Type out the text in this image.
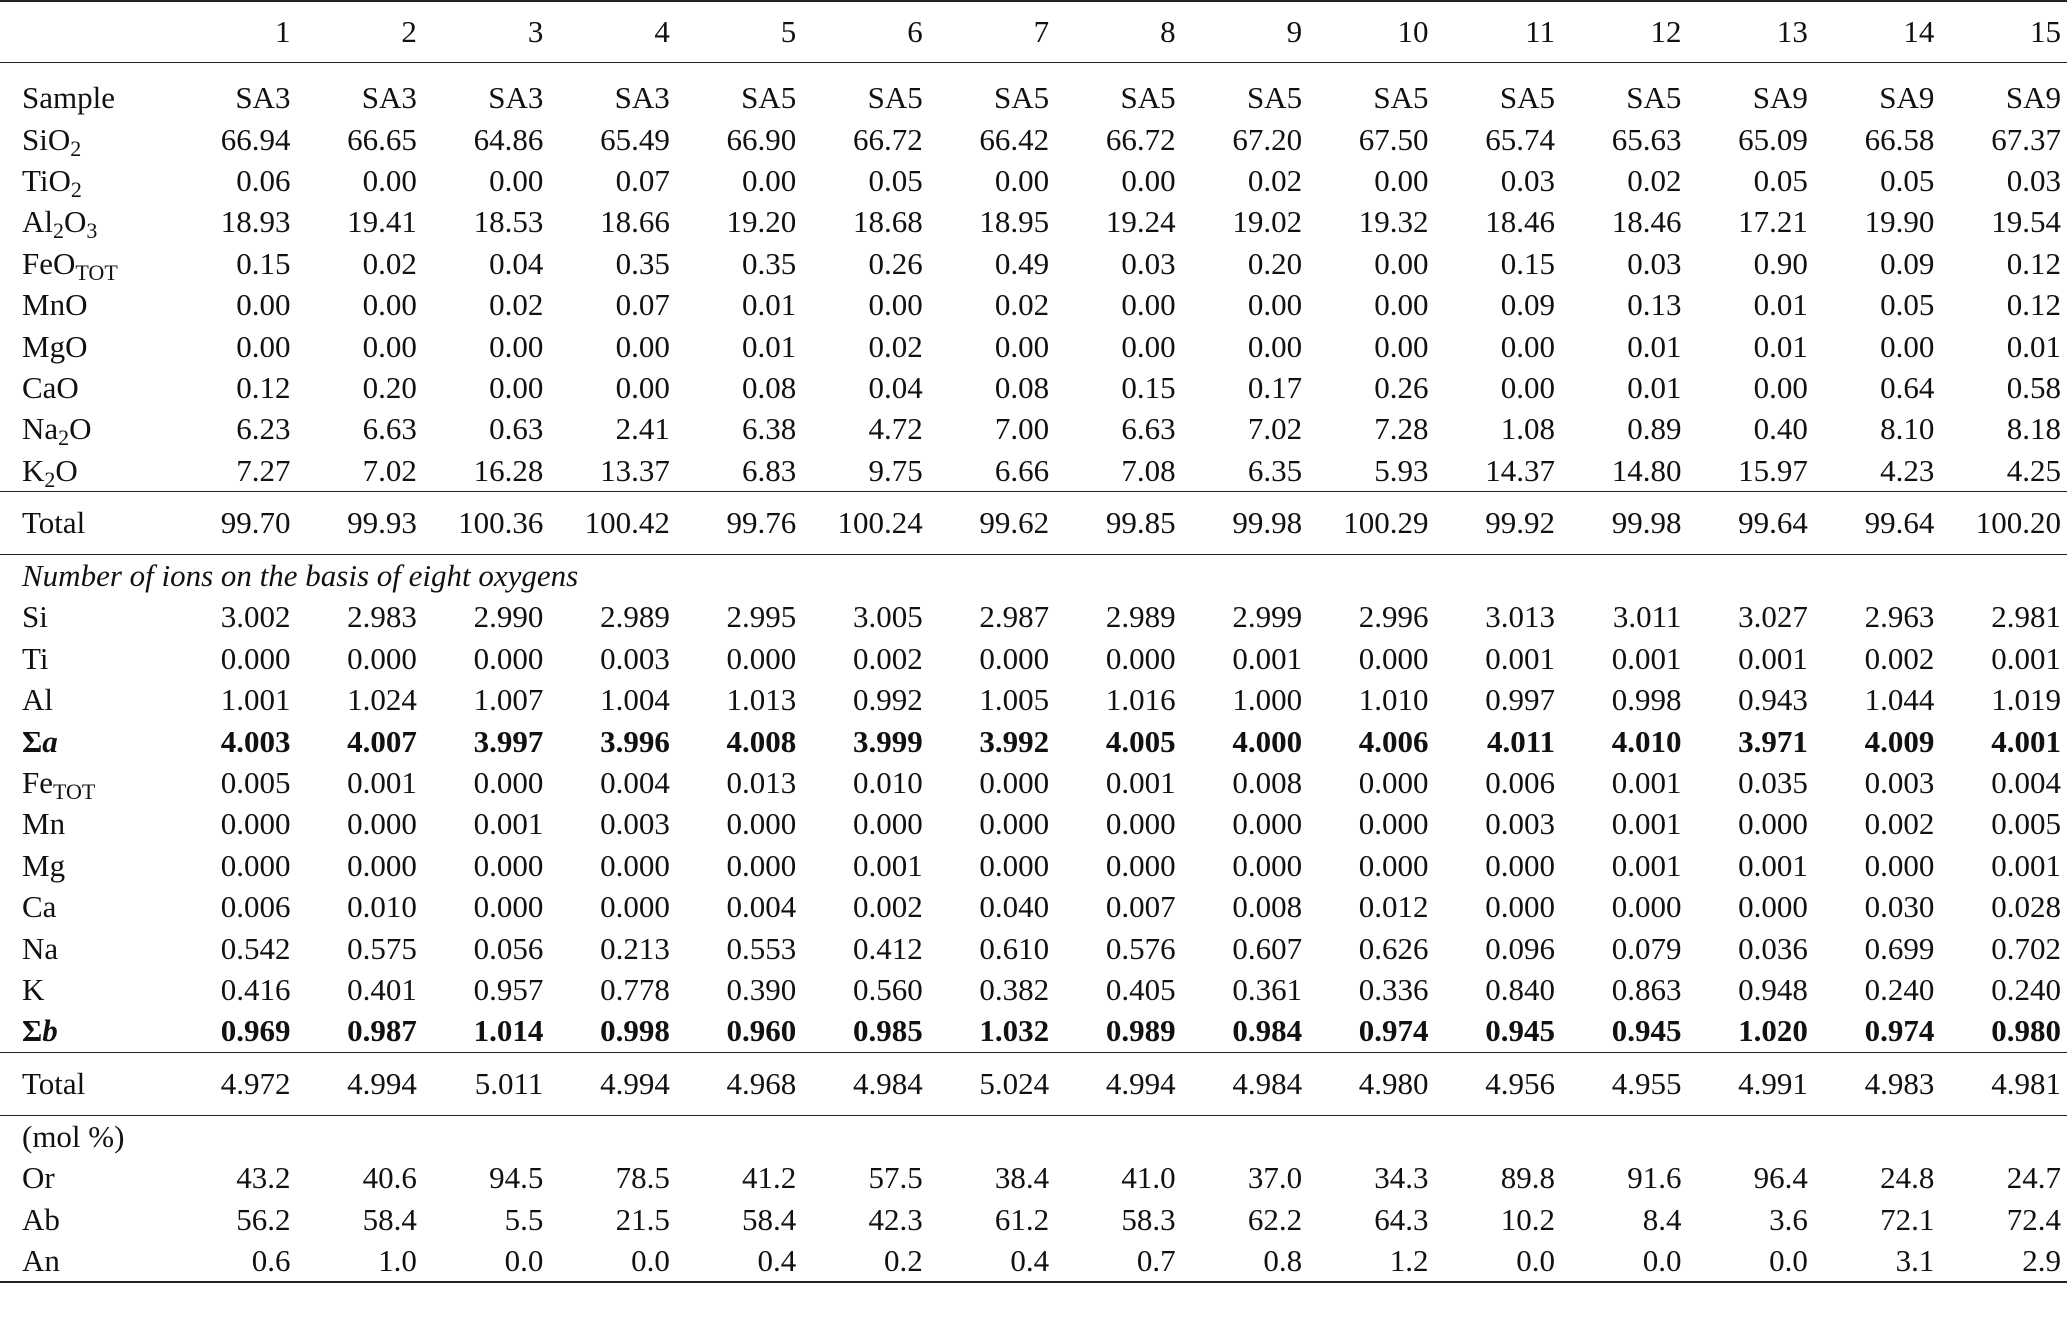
	1	2	3	4	5	6	7	8	9	10	11	12	13	14	15
Sample	SA3	SA3	SA3	SA3	SA5	SA5	SA5	SA5	SA5	SA5	SA5	SA5	SA9	SA9	SA9
SiO$_2$	66.94	66.65	64.86	65.49	66.90	66.72	66.42	66.72	67.20	67.50	65.74	65.63	65.09	66.58	67.37
TiO$_2$	0.06	0.00	0.00	0.07	0.00	0.05	0.00	0.00	0.02	0.00	0.03	0.02	0.05	0.05	0.03
$Al_2O_3$	18.93	19.41	18.53	18.66	19.20	18.68	18.95	19.24	19.02	19.32	18.46	18.46	17.21	19.90	19.54
FeO$_{TOT}$	0.15	0.02	0.04	0.35	0.35	0.26	0.49	0.03	0.20	0.00	0.15	0.03	0.90	0.09	0.12
MnO	0.00	0.00	0.02	0.07	0.01	0.00	0.02	0.00	0.00	0.00	0.09	0.13	0.01	0.05	0.12
MgO	0.00	0.00	0.00	0.00	0.01	0.02	0.00	0.00	0.00	0.00	0.00	0.01	0.01	0.00	0.01
CaO	0.12	0.20	0.00	0.00	0.08	0.04	0.08	0.15	0.17	0.26	0.00	0.01	0.00	0.64	0.58
$Na_2O$	6.23	6.63	0.63	2.41	6.38	4.72	7.00	6.63	7.02	7.28	1.08	0.89	0.40	8.10	8.18
$K_2O$	7.27	7.02	16.28	13.37	6.83	9.75	6.66	7.08	6.35	5.93	14.37	14.80	15.97	4.23	4.25
Total	99.70	99.93	100.36	100.42	99.76	100.24	99.62	99.85	99.98	100.29	99.92	99.98	99.64	99.64	100.20
Number of ions on the basis of eight oxygens															
Si	3.002	2.983	2.990	2.989	2.995	3.005	2.987	2.989	2.999	2.996	3.013	3.011	3.027	2.963	2.981
Ti	0.000	0.000	0.000	0.003	0.000	0.002	0.000	0.000	0.001	0.000	0.001	0.001	0.001	0.002	0.001
Al	1.001	1.024	1.007	1.004	1.013	0.992	1.005	1.016	1.000	1.010	0.997	0.998	0.943	1.044	1.019
Σa	4.003	4.007	3.997	3.996	4.008	3.999	3.992	4.005	4.000	4.006	4.011	4.010	3.971	4.009	4.001
$Fe_{TOT}$	0.005	0.001	0.000	0.004	0.013	0.010	0.000	0.001	0.008	0.000	0.006	0.001	0.035	0.003	0.004
Mn	0.000	0.000	0.001	0.003	0.000	0.000	0.000	0.000	0.000	0.000	0.003	0.001	0.000	0.002	0.005
Mg	0.000	0.000	0.000	0.000	0.000	0.001	0.000	0.000	0.000	0.000	0.000	0.001	0.001	0.000	0.001
Ca	0.006	0.010	0.000	0.000	0.004	0.002	0.040	0.007	0.008	0.012	0.000	0.000	0.000	0.030	0.028
Na	0.542	0.575	0.056	0.213	0.553	0.412	0.610	0.576	0.607	0.626	0.096	0.079	0.036	0.699	0.702
K	0.416	0.401	0.957	0.778	0.390	0.560	0.382	0.405	0.361	0.336	0.840	0.863	0.948	0.240	0.240
Σb	0.969	0.987	1.014	0.998	0.960	0.985	1.032	0.989	0.984	0.974	0.945	0.945	1.020	0.974	0.980
Total	4.972	4.994	5.011	4.994	4.968	4.984	5.024	4.994	4.984	4.980	4.956	4.955	4.991	4.983	4.981
(mol %)															
Or	43.2	40.6	94.5	78.5	41.2	57.5	38.4	41.0	37.0	34.3	89.8	91.6	96.4	24.8	24.7
Ab	56.2	58.4	5.5	21.5	58.4	42.3	61.2	58.3	62.2	64.3	10.2	8.4	3.6	72.1	72.4
An	0.6	1.0	0.0	0.0	0.4	0.2	0.4	0.7	0.8	1.2	0.0	0.0	0.0	3.1	2.9
